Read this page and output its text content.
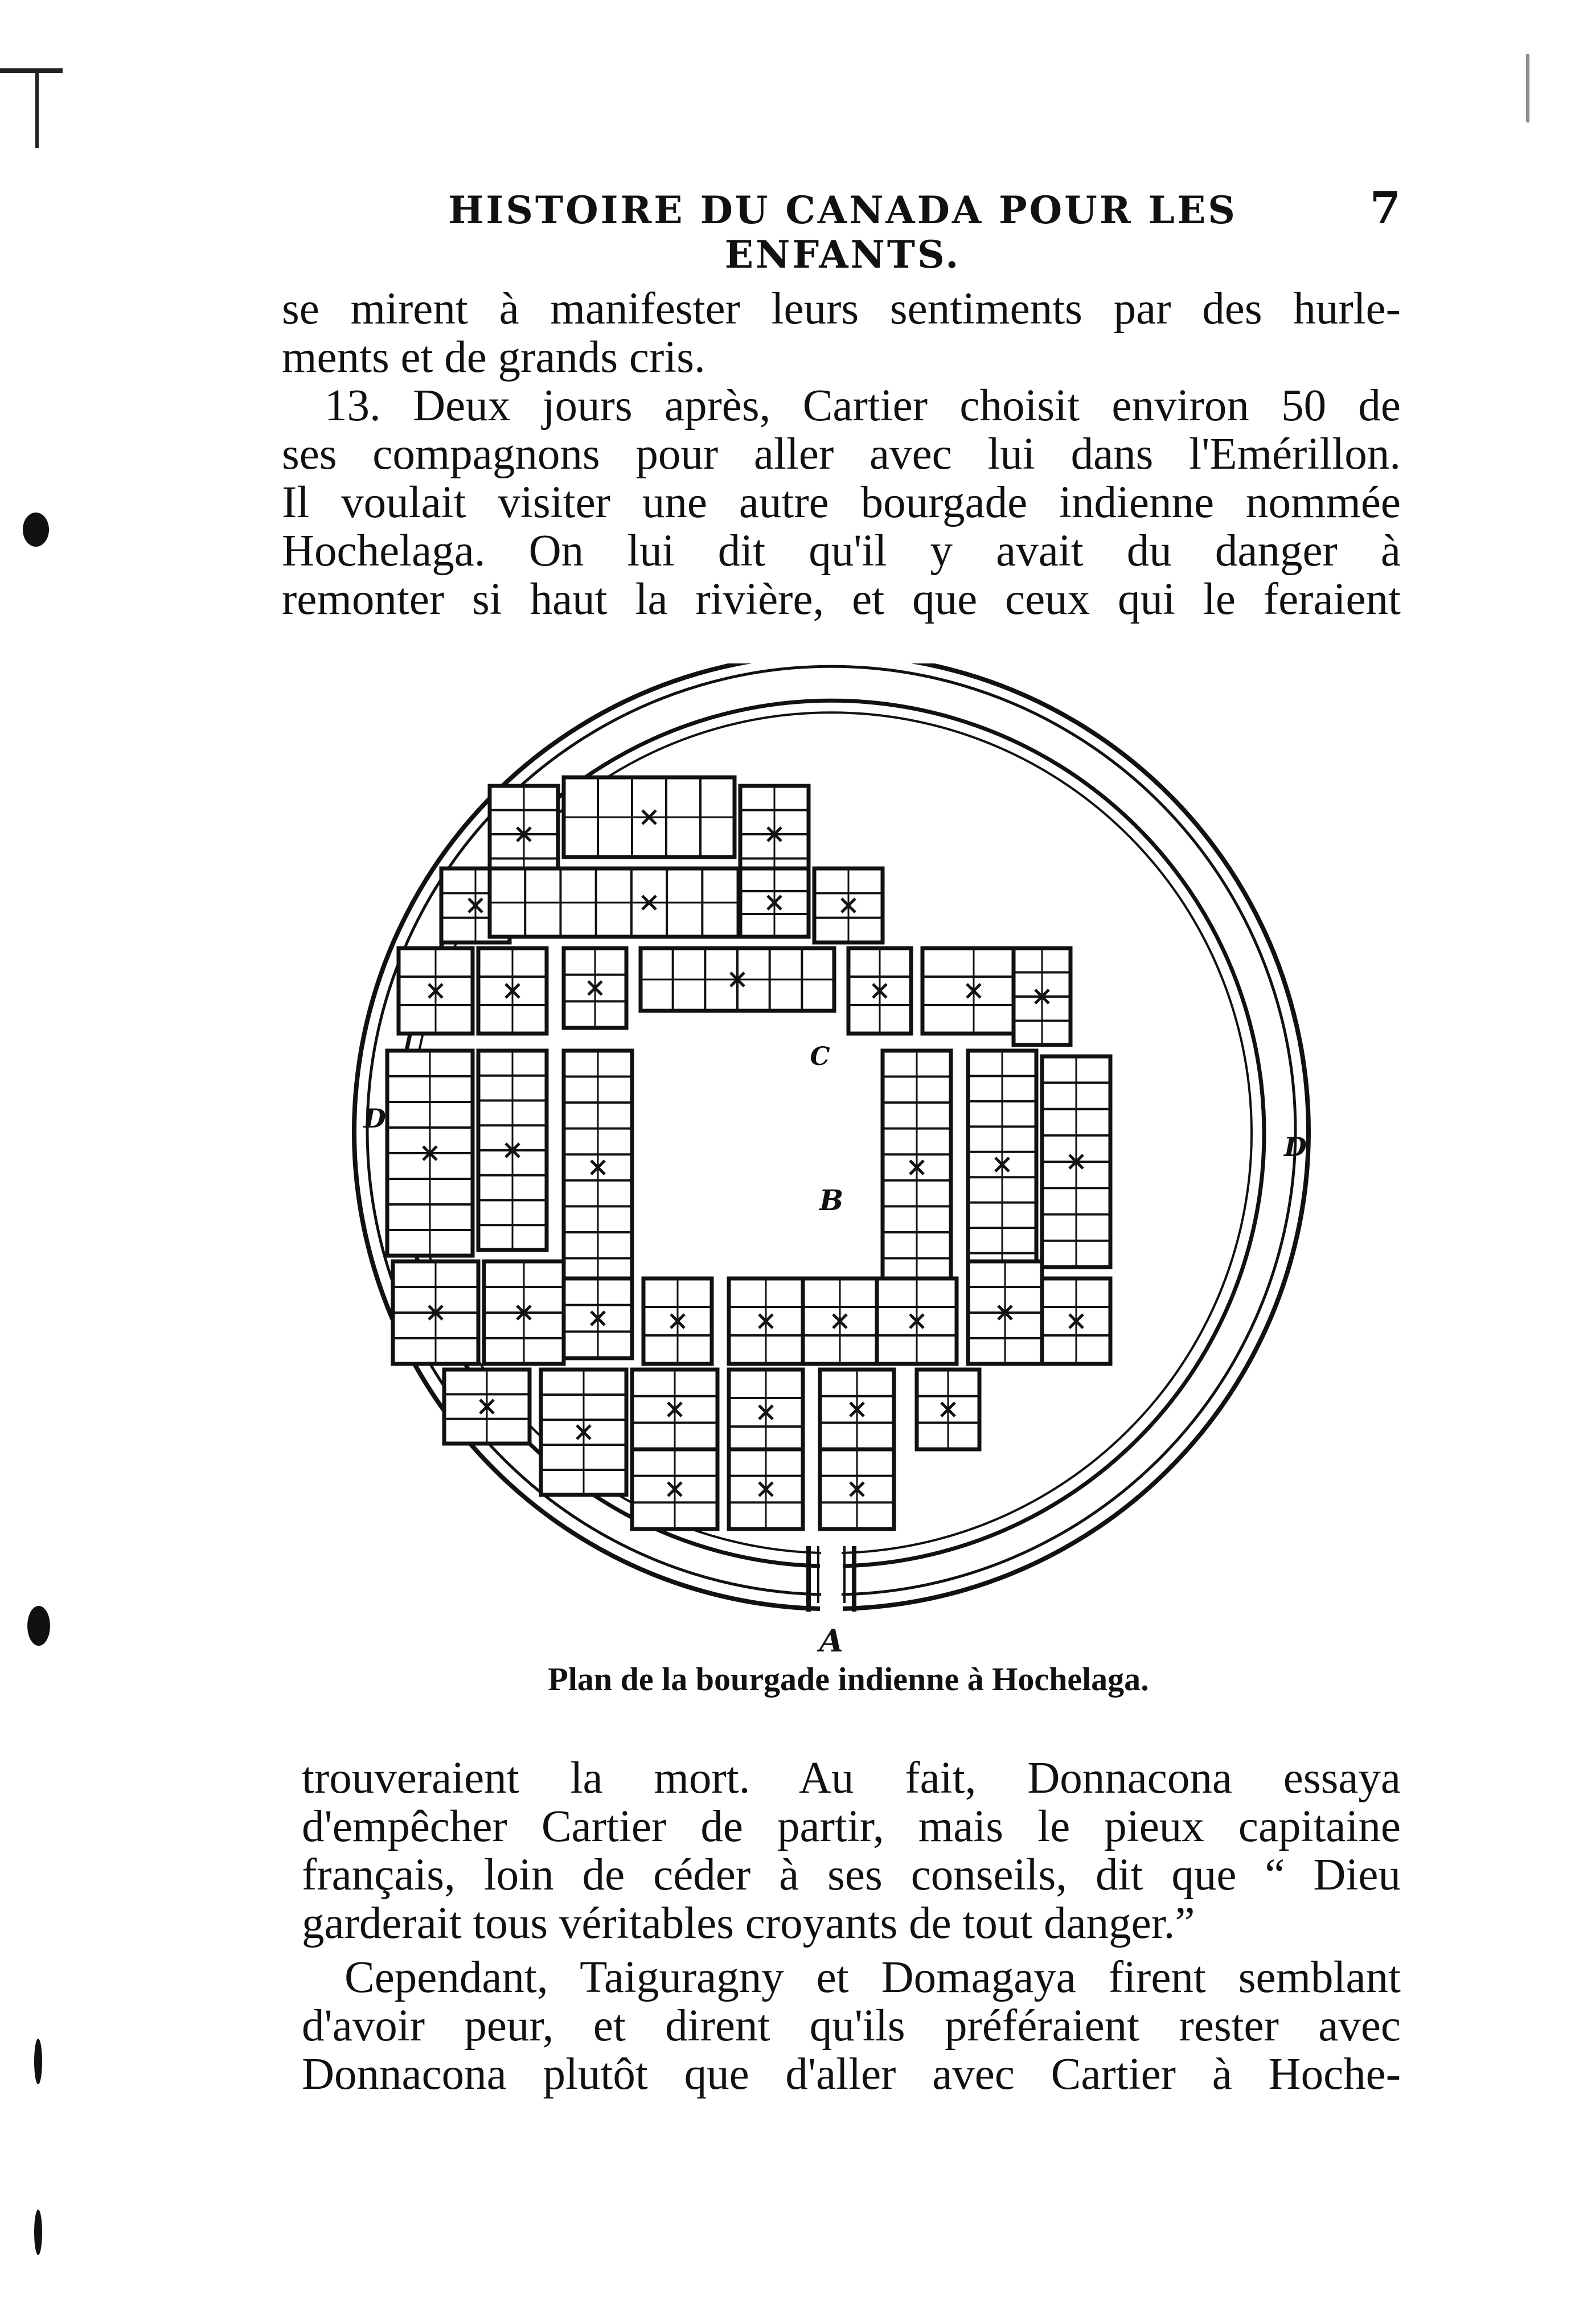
HISTOIRE DU CANADA POUR LES ENFANTS.
7
se mirent à manifester leurs sentiments par des hurle-
ments et de grands cris.
13. Deux jours après, Cartier choisit environ 50 de
ses compagnons pour aller avec lui dans l'Emérillon.
Il voulait visiter une autre bourgade indienne nommée
Hochelaga. On lui dit qu'il y avait du danger à
remonter si haut la rivière, et que ceux qui le feraient
C
B
D
D
A
Plan de la bourgade indienne à Hochelaga.
trouveraient la mort. Au fait, Donnacona essaya
d'empêcher Cartier de partir, mais le pieux capitaine
français, loin de céder à ses conseils, dit que “ Dieu
garderait tous véritables croyants de tout danger.”
Cependant, Taiguragny et Domagaya firent semblant
d'avoir peur, et dirent qu'ils préféraient rester avec
Donnacona plutôt que d'aller avec Cartier à Hoche-
